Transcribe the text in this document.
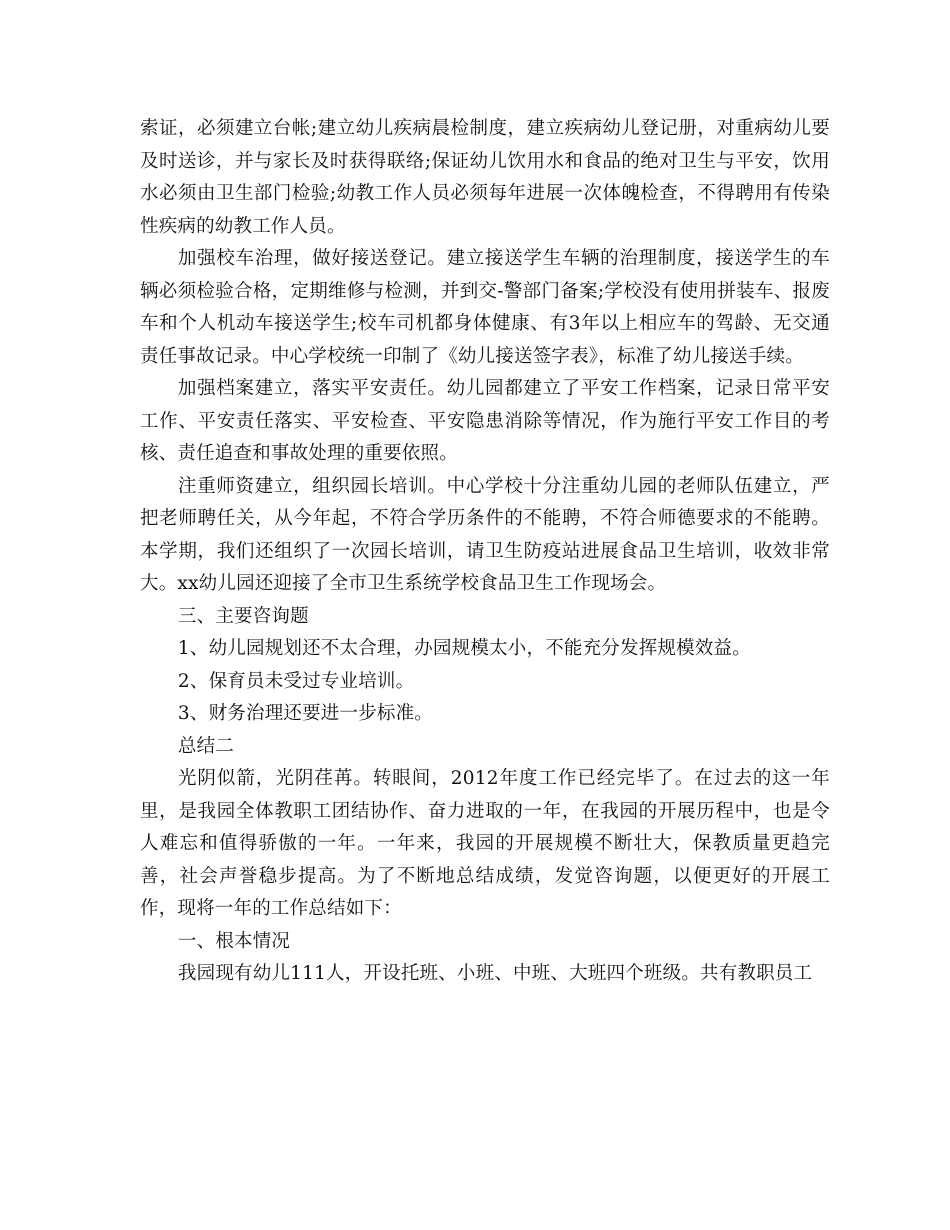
索证，必须建立台帐;建立幼儿疾病晨检制度，建立疾病幼儿登记册，对重病幼儿要及时送诊，并与家长及时获得联络;保证幼儿饮用水和食品的绝对卫生与平安，饮用水必须由卫生部门检验;幼教工作人员必须每年进展一次体魄检查，不得聘用有传染性疾病的幼教工作人员。

加强校车治理，做好接送登记。建立接送学生车辆的治理制度，接送学生的车辆必须检验合格，定期维修与检测，并到交-警部门备案;学校没有使用拼装车、报废车和个人机动车接送学生;校车司机都身体健康、有3年以上相应车的驾龄、无交通责任事故记录。中心学校统一印制了《幼儿接送签字表》，标准了幼儿接送手续。

加强档案建立，落实平安责任。幼儿园都建立了平安工作档案，记录日常平安工作、平安责任落实、平安检查、平安隐患消除等情况，作为施行平安工作目的考核、责任追查和事故处理的重要依照。

注重师资建立，组织园长培训。中心学校十分注重幼儿园的老师队伍建立，严把老师聘任关，从今年起，不符合学历条件的不能聘，不符合师德要求的不能聘。本学期，我们还组织了一次园长培训，请卫生防疫站进展食品卫生培训，收效非常大。xx幼儿园还迎接了全市卫生系统学校食品卫生工作现场会。

三、主要咨询题

1、幼儿园规划还不太合理，办园规模太小，不能充分发挥规模效益。

2、保育员未受过专业培训。

3、财务治理还要进一步标准。

总结二

光阴似箭，光阴荏苒。转眼间，2012年度工作已经完毕了。在过去的这一年里，是我园全体教职工团结协作、奋力进取的一年，在我园的开展历程中，也是令人难忘和值得骄傲的一年。一年来，我园的开展规模不断壮大，保教质量更趋完善，社会声誉稳步提高。为了不断地总结成绩，发觉咨询题，以便更好的开展工作，现将一年的工作总结如下：

一、根本情况

我园现有幼儿111人，开设托班、小班、中班、大班四个班级。共有教职员工
